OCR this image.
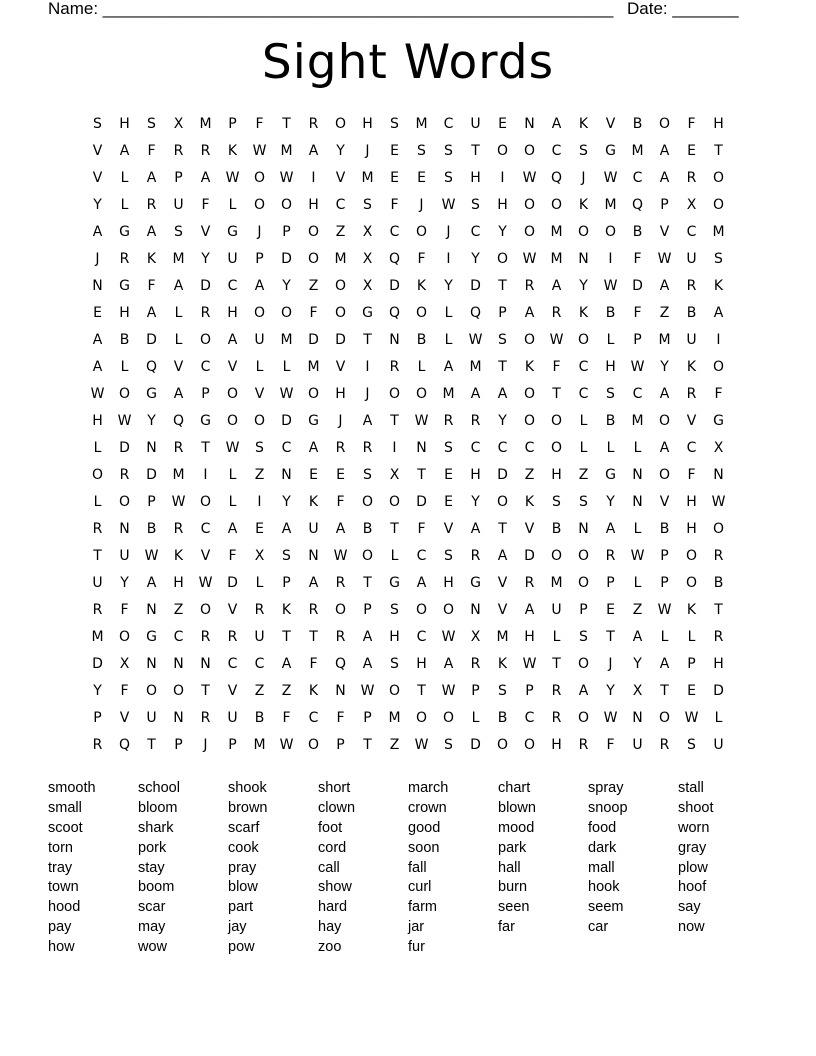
Name: ______________________________________________________ Date: _______
Sight Words
S	H	S	X	M	P	F	T	R	O	H	S	M	C	U	E	N	A	K	V	B	O	F	H
V	A	F	R	R	K	W	M	A	Y	J	E	S	S	T	O	O	C	S	G	M	A	E	T
V	L	A	P	A	W	O	W	I	V	M	E	E	S	H	I	W	Q	J	W	C	A	R	O
Y	L	R	U	F	L	O	O	H	C	S	F	J	W	S	H	O	O	K	M	Q	P	X	O
A	G	A	S	V	G	J	P	O	Z	X	C	O	J	C	Y	O	M	O	O	B	V	C	M
J	R	K	M	Y	U	P	D	O	M	X	Q	F	I	Y	O	W	M	N	I	F	W	U	S
N	G	F	A	D	C	A	Y	Z	O	X	D	K	Y	D	T	R	A	Y	W	D	A	R	K
E	H	A	L	R	H	O	O	F	O	G	Q	O	L	Q	P	A	R	K	B	F	Z	B	A
A	B	D	L	O	A	U	M	D	D	T	N	B	L	W	S	O	W	O	L	P	M	U	I
A	L	Q	V	C	V	L	L	M	V	I	R	L	A	M	T	K	F	C	H	W	Y	K	O
W	O	G	A	P	O	V	W	O	H	J	O	O	M	A	A	O	T	C	S	C	A	R	F
H	W	Y	Q	G	O	O	D	G	J	A	T	W	R	R	Y	O	O	L	B	M	O	V	G
L	D	N	R	T	W	S	C	A	R	R	I	N	S	C	C	C	O	L	L	L	A	C	X
O	R	D	M	I	L	Z	N	E	E	S	X	T	E	H	D	Z	H	Z	G	N	O	F	N
L	O	P	W	O	L	I	Y	K	F	O	O	D	E	Y	O	K	S	S	Y	N	V	H	W
R	N	B	R	C	A	E	A	U	A	B	T	F	V	A	T	V	B	N	A	L	B	H	O
T	U	W	K	V	F	X	S	N	W	O	L	C	S	R	A	D	O	O	R	W	P	O	R
U	Y	A	H	W	D	L	P	A	R	T	G	A	H	G	V	R	M	O	P	L	P	O	B
R	F	N	Z	O	V	R	K	R	O	P	S	O	O	N	V	A	U	P	E	Z	W	K	T
M	O	G	C	R	R	U	T	T	R	A	H	C	W	X	M	H	L	S	T	A	L	L	R
D	X	N	N	N	C	C	A	F	Q	A	S	H	A	R	K	W	T	O	J	Y	A	P	H
Y	F	O	O	T	V	Z	Z	K	N	W	O	T	W	P	S	P	R	A	Y	X	T	E	D
P	V	U	N	R	U	B	F	C	F	P	M	O	O	L	B	C	R	O	W	N	O	W	L
R	Q	T	P	J	P	M	W	O	P	T	Z	W	S	D	O	O	H	R	F	U	R	S	U
smooth	school	shook	short	march	chart	spray	stall
small	bloom	brown	clown	crown	blown	snoop	shoot
scoot	shark	scarf	foot	good	mood	food	worn
torn	pork	cook	cord	soon	park	dark	gray
tray	stay	pray	call	fall	hall	mall	plow
town	boom	blow	show	curl	burn	hook	hoof
hood	scar	part	hard	farm	seen	seem	say
pay	may	jay	hay	jar	far	car	now
how	wow	pow	zoo	fur
